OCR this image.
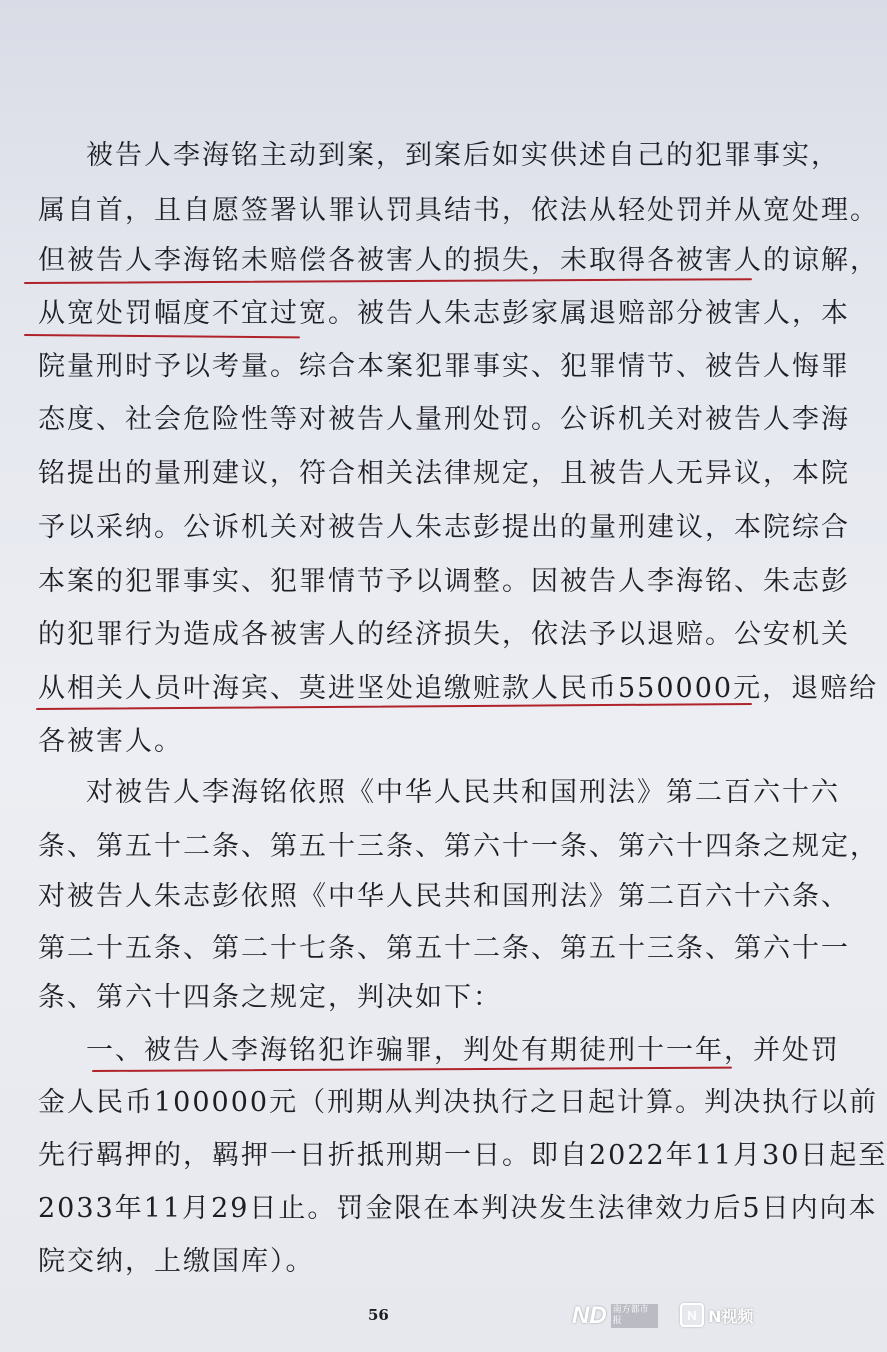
被告人李海铭主动到案，到案后如实供述自己的犯罪事实，
属自首，且自愿签署认罪认罚具结书，依法从轻处罚并从宽处理。
但被告人李海铭未赔偿各被害人的损失，未取得各被害人的谅解，
从宽处罚幅度不宜过宽。被告人朱志彭家属退赔部分被害人，本
院量刑时予以考量。综合本案犯罪事实、犯罪情节、被告人悔罪
态度、社会危险性等对被告人量刑处罚。公诉机关对被告人李海
铭提出的量刑建议，符合相关法律规定，且被告人无异议，本院
予以采纳。公诉机关对被告人朱志彭提出的量刑建议，本院综合
本案的犯罪事实、犯罪情节予以调整。因被告人李海铭、朱志彭
的犯罪行为造成各被害人的经济损失，依法予以退赔。公安机关
从相关人员叶海宾、莫进坚处追缴赃款人民币550000元，退赔给
各被害人。
对被告人李海铭依照《中华人民共和国刑法》第二百六十六
条、第五十二条、第五十三条、第六十一条、第六十四条之规定，
对被告人朱志彭依照《中华人民共和国刑法》第二百六十六条、
第二十五条、第二十七条、第五十二条、第五十三条、第六十一
条、第六十四条之规定，判决如下：
一、被告人李海铭犯诈骗罪，判处有期徒刑十一年，并处罚
金人民币100000元（刑期从判决执行之日起计算。判决执行以前
先行羁押的，羁押一日折抵刑期一日。即自2022年11月30日起至
2033年11月29日止。罚金限在本判决发生法律效力后5日内向本
院交纳，上缴国库）。
56	ND 南方都市报	N N视频
